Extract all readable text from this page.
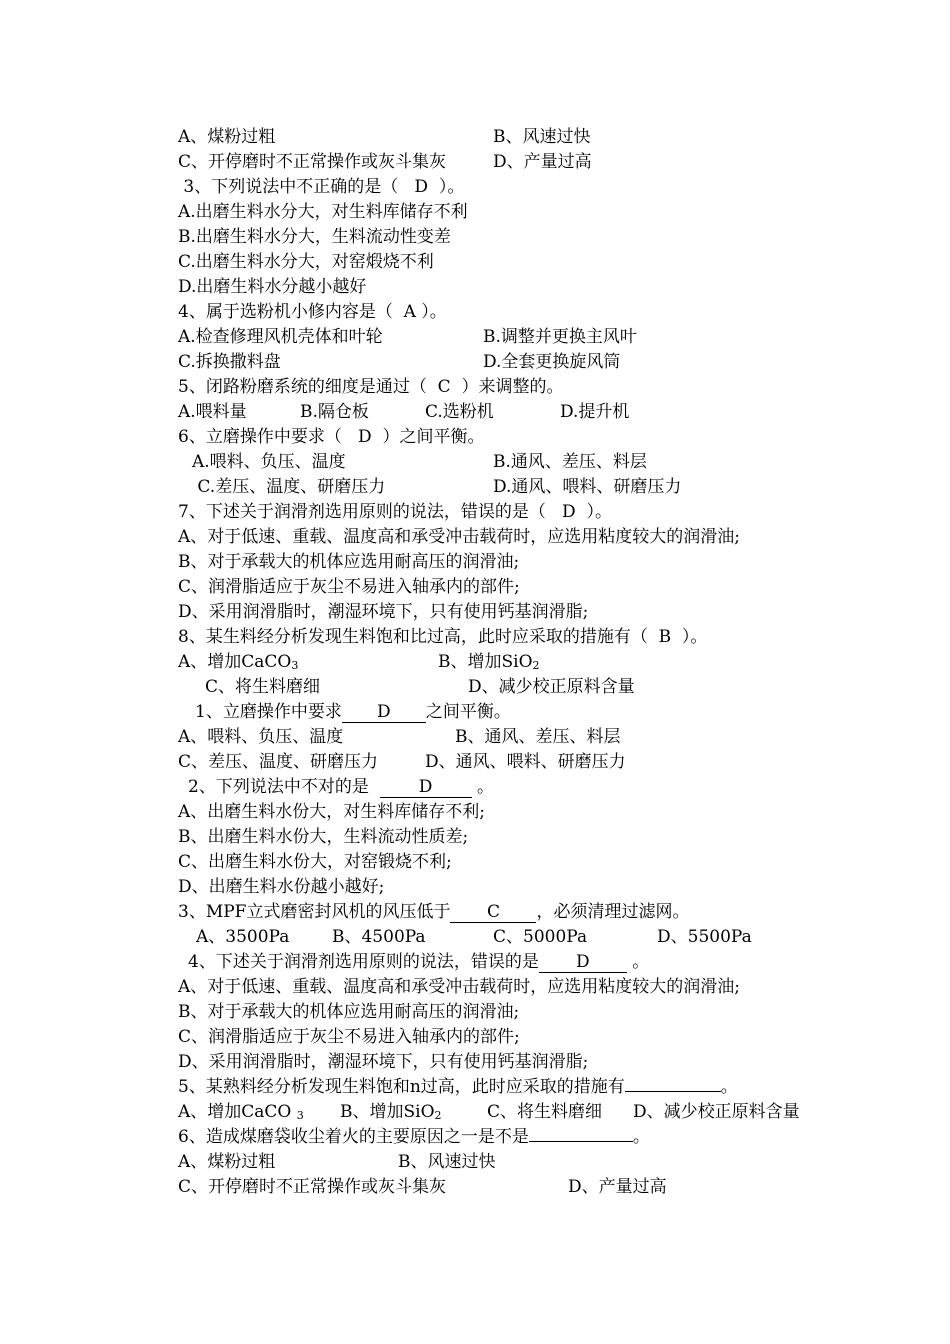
A、煤粉过粗	B、风速过快
C、开停磨时不正常操作或灰斗集灰	D、产量过高
3、下列说法中不正确的是（   D  ）。
A.出磨生料水分大，对生料库储存不利
B.出磨生料水分大，生料流动性变差
C.出磨生料水分大，对窑煅烧不利
D.出磨生料水分越小越好
4、属于选粉机小修内容是（  A ）。
A.检查修理风机壳体和叶轮	B.调整并更换主风叶
C.拆换撒料盘	D.全套更换旋风筒
5、闭路粉磨系统的细度是通过（  C  ）来调整的。
A.喂料量	B.隔仓板	C.选粉机	D.提升机
6、立磨操作中要求（   D  ）之间平衡。
A.喂料、负压、温度	B.通风、差压、料层
C.差压、温度、研磨压力	D.通风、喂料、研磨压力
7、下述关于润滑剂选用原则的说法，错误的是（   D  ）。
A、对于低速、重载、温度高和承受冲击载荷时，应选用粘度较大的润滑油;
B、对于承载大的机体应选用耐高压的润滑油;
C、润滑脂适应于灰尘不易进入轴承内的部件;
D、采用润滑脂时，潮湿环境下，只有使用钙基润滑脂;
8、某生料经分析发现生料饱和比过高，此时应采取的措施有（  B  ）。
A、增加CaCO$_3$	B、增加SiO$_2$
C、将生料磨细	D、减少校正原料含量
1、立磨操作中要求 D 之间平衡。
A、喂料、负压、温度	B、通风、差压、料层
C、差压、温度、研磨压力	D、通风、喂料、研磨压力
2、下列说法中不对的是  D 。
A、出磨生料水份大，对生料库储存不利;
B、出磨生料水份大，生料流动性质差;
C、出磨生料水份大，对窑锻烧不利;
D、出磨生料水份越小越好;
3、MPF立式磨密封风机的风压低于 C ，必须清理过滤网。
A、3500Pa	B、4500Pa	C、5000Pa	D、5500Pa
4、下述关于润滑剂选用原则的说法，错误的是 D 。
A、对于低速、重载、温度高和承受冲击载荷时，应选用粘度较大的润滑油;
B、对于承载大的机体应选用耐高压的润滑油;
C、润滑脂适应于灰尘不易进入轴承内的部件;
D、采用润滑脂时，潮湿环境下，只有使用钙基润滑脂;
5、某熟料经分析发现生料饱和n过高，此时应采取的措施有	。
A、增加CaCO $_3$ B、增加SiO$_2$	C、将生料磨细 D、减少校正原料含量
6、造成煤磨袋收尘着火的主要原因之一是不是	。
A、煤粉过粗	B、风速过快
C、开停磨时不正常操作或灰斗集灰	D、产量过高
